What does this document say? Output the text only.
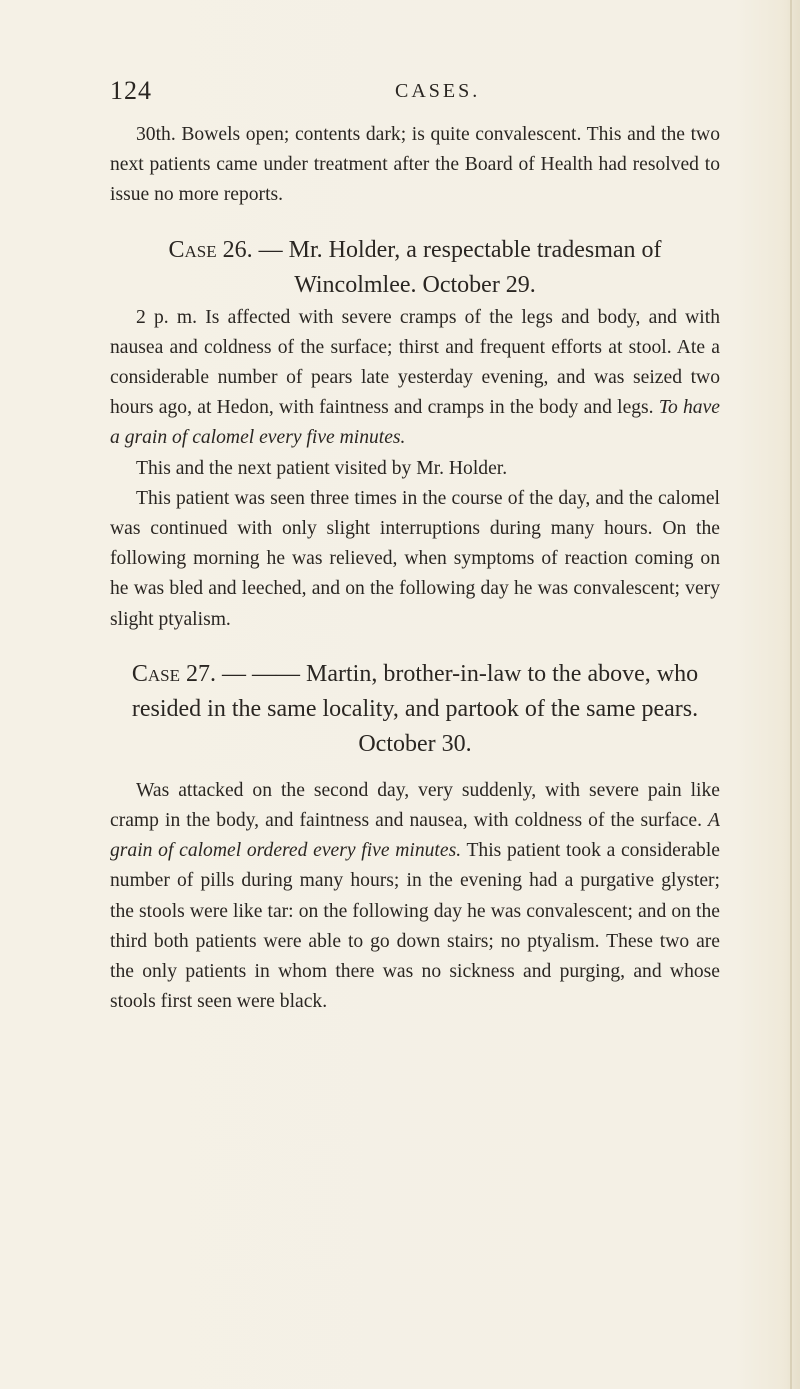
124	CASES.

30th. Bowels open; contents dark; is quite convalescent. This and the two next patients came under treatment after the Board of Health had resolved to issue no more reports.

Case 26. — Mr. Holder, a respectable tradesman of Wincolmlee. October 29.

2 p. m. Is affected with severe cramps of the legs and body, and with nausea and coldness of the surface; thirst and frequent efforts at stool. Ate a considerable number of pears late yesterday evening, and was seized two hours ago, at Hedon, with faintness and cramps in the body and legs. To have a grain of calomel every five minutes.

This and the next patient visited by Mr. Holder.

This patient was seen three times in the course of the day, and the calomel was continued with only slight interruptions during many hours. On the following morning he was relieved, when symptoms of reaction coming on he was bled and leeched, and on the following day he was convalescent; very slight ptyalism.

Case 27. — —— Martin, brother-in-law to the above, who resided in the same locality, and partook of the same pears. October 30.

Was attacked on the second day, very suddenly, with severe pain like cramp in the body, and faintness and nausea, with coldness of the surface. A grain of calomel ordered every five minutes. This patient took a considerable number of pills during many hours; in the evening had a purgative glyster; the stools were like tar: on the following day he was convalescent; and on the third both patients were able to go down stairs; no ptyalism. These two are the only patients in whom there was no sickness and purging, and whose stools first seen were black.
